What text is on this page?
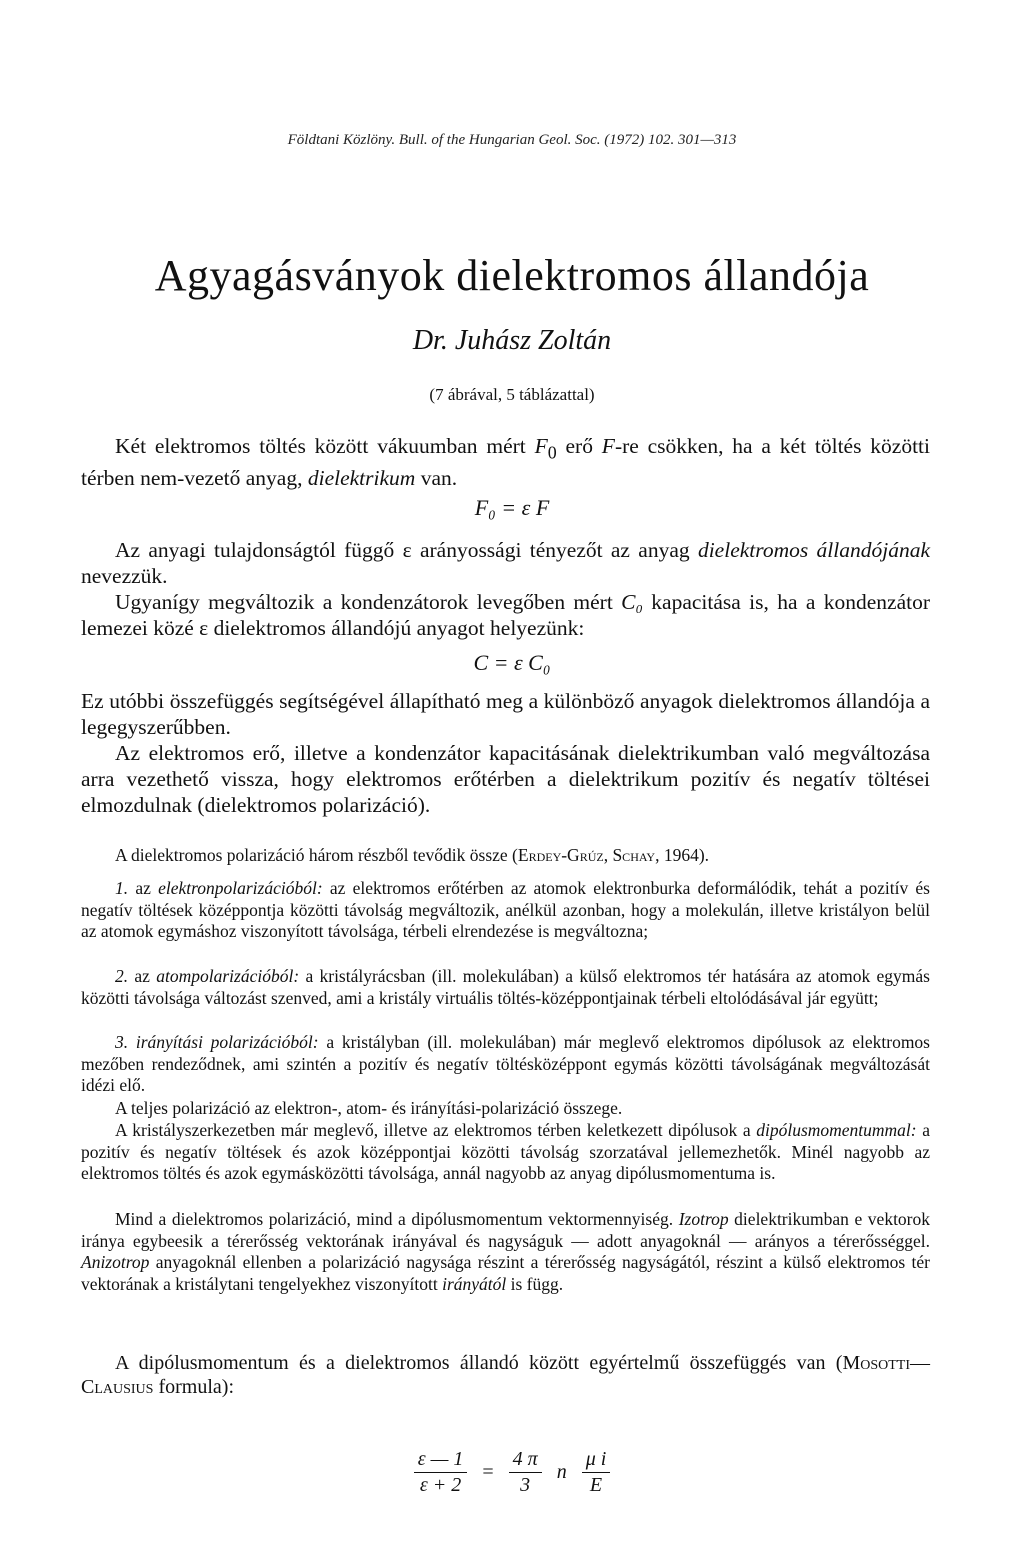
Földtani Közlöny. Bull. of the Hungarian Geol. Soc. (1972) 102. 301—313
Agyagásványok dielektromos állandója
Dr. Juhász Zoltán
(7 ábrával, 5 táblázattal)

Két elektromos töltés között vákuumban mért $F_0$ erő F-re csökken, ha a két töltés közötti térben nem-vezető anyag, dielektrikum van.

F₀ = ε F

Az anyagi tulajdonságtól függő ε arányossági tényezőt az anyag dielektromos állandójának nevezzük.

Ugyanígy megváltozik a kondenzátorok levegőben mért C₀ kapacitása is, ha a kondenzátor lemezei közé ε dielektromos állandójú anyagot helyezünk:

C = ε C₀

Ez utóbbi összefüggés segítségével állapítható meg a különböző anyagok dielektromos állandója a legegyszerűbben.

Az elektromos erő, illetve a kondenzátor kapacitásának dielektrikumban való megváltozása arra vezethető vissza, hogy elektromos erőtérben a dielektrikum pozitív és negatív töltései elmozdulnak (dielektromos polarizáció).

A dielektromos polarizáció három részből tevődik össze (Erdey-Grúz, Schay, 1964).

1. az elektronpolarizációból: az elektromos erőtérben az atomok elektronburka deformálódik, tehát a pozitív és negatív töltések középpontja közötti távolság megváltozik, anélkül azonban, hogy a molekulán, illetve kristályon belül az atomok egymáshoz viszonyított távolsága, térbeli elrendezése is megváltozna;

2. az atompolarizációból: a kristályrácsban (ill. molekulában) a külső elektromos tér hatására az atomok egymás közötti távolsága változást szenved, ami a kristály virtuális töltés-középpontjainak térbeli eltolódásával jár együtt;

3. irányítási polarizációból: a kristályban (ill. molekulában) már meglevő elektromos dipólusok az elektromos mezőben rendeződnek, ami szintén a pozitív és negatív töltésközéppont egymás közötti távolságának megváltozását idézi elő.

A teljes polarizáció az elektron-, atom- és irányítási-polarizáció összege.

A kristályszerkezetben már meglevő, illetve az elektromos térben keletkezett dipólusok a dipólusmomentummal: a pozitív és negatív töltések és azok középpontjai közötti távolság szorzatával jellemezhetők. Minél nagyobb az elektromos töltés és azok egymásközötti távolsága, annál nagyobb az anyag dipólusmomentuma is.

Mind a dielektromos polarizáció, mind a dipólusmomentum vektormennyiség. Izotrop dielektrikumban e vektorok iránya egybeesik a térerősség vektorának irányával és nagyságuk — adott anyagoknál — arányos a térerősséggel. Anizotrop anyagoknál ellenben a polarizáció nagysága részint a térerősség nagyságától, részint a külső elektromos tér vektorának a kristálytani tengelyekhez viszonyított irányától is függ.

A dipólusmomentum és a dielektromos állandó között egyértelmű összefüggés van (Mosotti—Clausius formula):

$\frac{\varepsilon — 1}{\varepsilon + 2} = \frac{4 \pi}{3}$ n $\frac{\text{μ i}}{E}$
